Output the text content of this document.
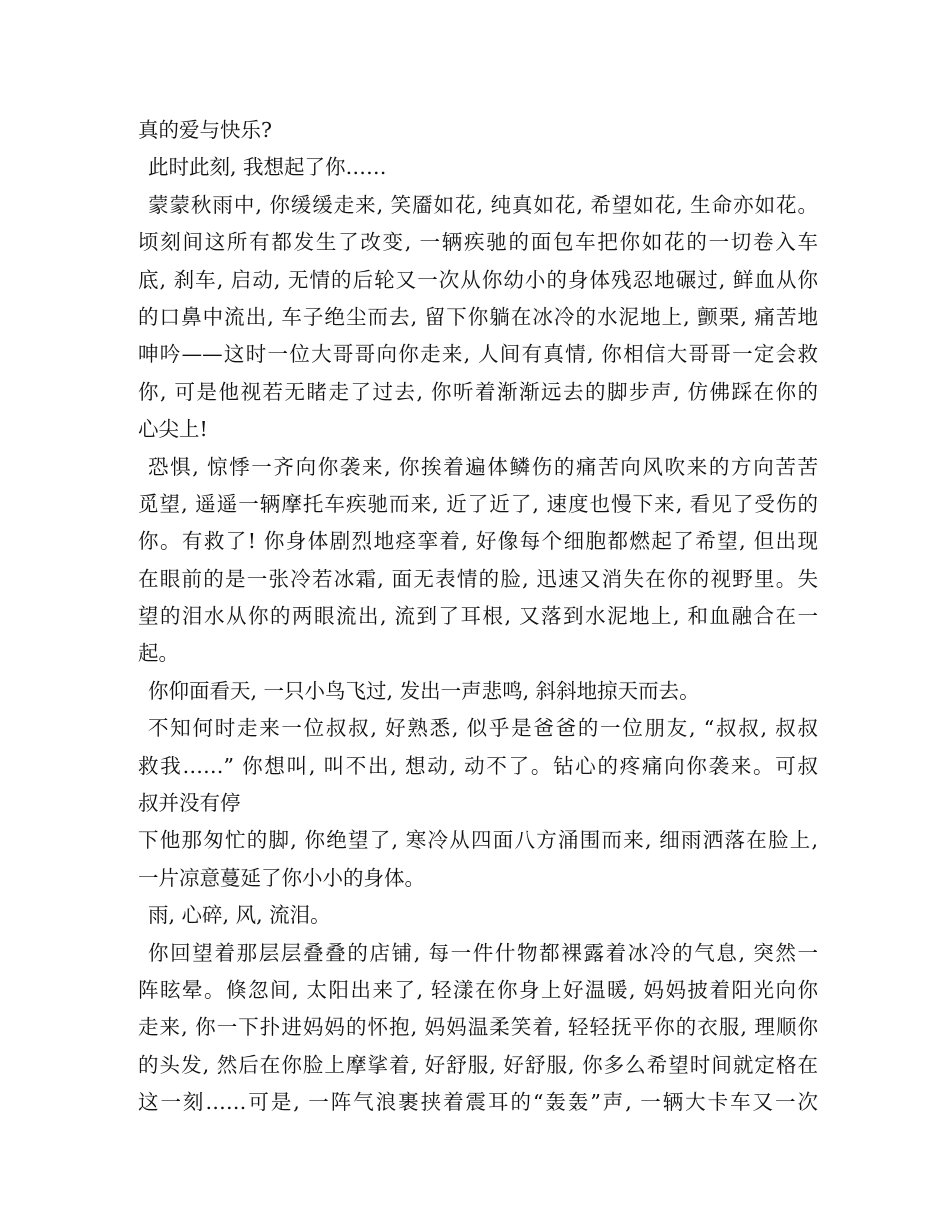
真的爱与快乐?
此时此刻, 我想起了你……
蒙蒙秋雨中, 你缓缓走来, 笑靥如花, 纯真如花, 希望如花, 生命亦如花。
顷刻间这所有都发生了改变, 一辆疾驰的面包车把你如花的一切卷入车
底, 刹车, 启动, 无情的后轮又一次从你幼小的身体残忍地碾过, 鲜血从你
的口鼻中流出, 车子绝尘而去, 留下你躺在冰冷的水泥地上, 颤栗, 痛苦地
呻吟——这时一位大哥哥向你走来, 人间有真情, 你相信大哥哥一定会救
你, 可是他视若无睹走了过去, 你听着渐渐远去的脚步声, 仿佛踩在你的
心尖上!
恐惧, 惊悸一齐向你袭来, 你挨着遍体鳞伤的痛苦向风吹来的方向苦苦
觅望, 遥遥一辆摩托车疾驰而来, 近了近了, 速度也慢下来, 看见了受伤的
你。有救了! 你身体剧烈地痉挛着, 好像每个细胞都燃起了希望, 但出现
在眼前的是一张冷若冰霜, 面无表情的脸, 迅速又消失在你的视野里。失
望的泪水从你的两眼流出, 流到了耳根, 又落到水泥地上, 和血融合在一
起。
你仰面看天, 一只小鸟飞过, 发出一声悲鸣, 斜斜地掠天而去。
不知何时走来一位叔叔, 好熟悉, 似乎是爸爸的一位朋友, “叔叔, 叔叔
救我……” 你想叫, 叫不出, 想动, 动不了。钻心的疼痛向你袭来。可叔
叔并没有停
下他那匆忙的脚, 你绝望了, 寒冷从四面八方涌围而来, 细雨洒落在脸上,
一片凉意蔓延了你小小的身体。
雨, 心碎, 风, 流泪。
你回望着那层层叠叠的店铺, 每一件什物都裸露着冰冷的气息, 突然一
阵眩晕。倏忽间, 太阳出来了, 轻漾在你身上好温暖, 妈妈披着阳光向你
走来, 你一下扑进妈妈的怀抱, 妈妈温柔笑着, 轻轻抚平你的衣服, 理顺你
的头发, 然后在你脸上摩挲着, 好舒服, 好舒服, 你多么希望时间就定格在
这一刻……可是, 一阵气浪裹挟着震耳的“轰轰”声, 一辆大卡车又一次
